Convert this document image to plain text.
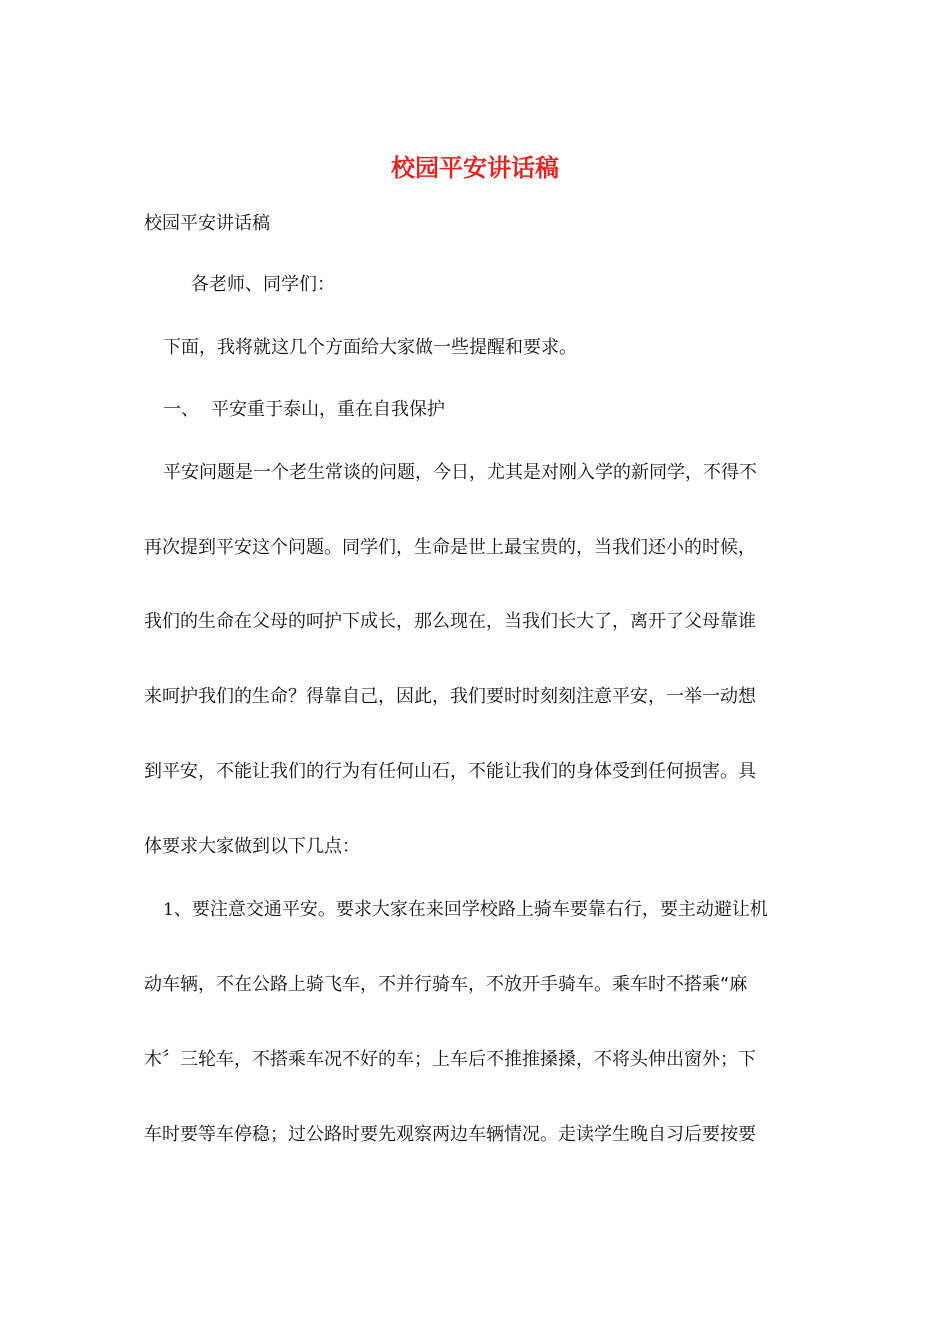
校园平安讲话稿

校园平安讲话稿

各老师、同学们：

下面，我将就这几个方面给大家做一些提醒和要求。

一、 平安重于泰山，重在自我保护

平安问题是一个老生常谈的问题，今日，尤其是对刚入学的新同学，不得不

再次提到平安这个问题。同学们，生命是世上最宝贵的，当我们还小的时候，

我们的生命在父母的呵护下成长，那么现在，当我们长大了，离开了父母靠谁

来呵护我们的生命？得靠自己，因此，我们要时时刻刻注意平安，一举一动想

到平安，不能让我们的行为有任何山石，不能让我们的身体受到任何损害。具

体要求大家做到以下几点：

1、要注意交通平安。要求大家在来回学校路上骑车要靠右行，要主动避让机

动车辆，不在公路上骑飞车，不并行骑车，不放开手骑车。乘车时不搭乘“麻

木〞三轮车，不搭乘车况不好的车；上车后不推推搡搡，不将头伸出窗外；下

车时要等车停稳；过公路时要先观察两边车辆情况。走读学生晚自习后要按要
